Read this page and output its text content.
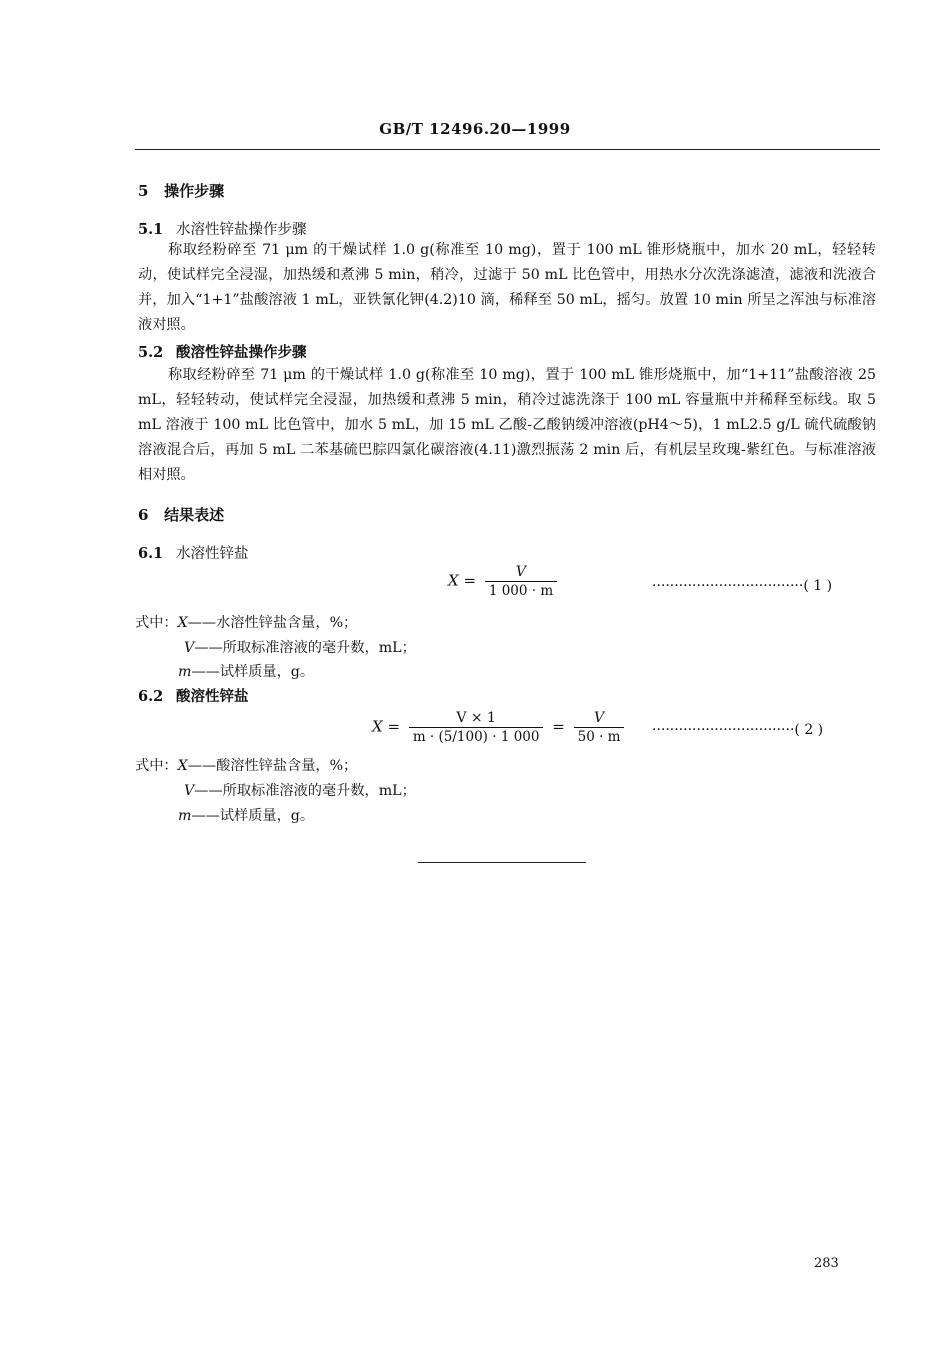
GB/T 12496.20—1999
5 操作步骤
5.1 水溶性锌盐操作步骤
称取经粉碎至 71 μm 的干燥试样 1.0 g(称准至 10 mg)，置于 100 mL 锥形烧瓶中，加水 20 mL，轻轻转动，使试样完全浸湿，加热缓和煮沸 5 min，稍冷，过滤于 50 mL 比色管中，用热水分次洗涤滤渣，滤液和洗液合并，加入“1+1”盐酸溶液 1 mL，亚铁氰化钾(4.2)10 滴，稀释至 50 mL，摇匀。放置 10 min 所呈之浑浊与标准溶液对照。
5.2 酸溶性锌盐操作步骤
称取经粉碎至 71 μm 的干燥试样 1.0 g(称准至 10 mg)，置于 100 mL 锥形烧瓶中，加“1+11”盐酸溶液 25 mL，轻轻转动，使试样完全浸湿，加热缓和煮沸 5 min，稍冷过滤洗涤于 100 mL 容量瓶中并稀释至标线。取 5 mL 溶液于 100 mL 比色管中，加水 5 mL，加 15 mL 乙酸-乙酸钠缓冲溶液(pH4～5)，1 mL2.5 g/L 硫代硫酸钠溶液混合后，再加 5 mL 二苯基硫巴腙四氯化碳溶液(4.11)激烈振荡 2 min 后，有机层呈玫瑰-紫红色。与标准溶液相对照。
6 结果表述
6.1 水溶性锌盐
$X = \frac{V}{1 000 \cdot m}$	··································( 1 )
式中：X——水溶性锌盐含量，%；
V——所取标准溶液的毫升数，mL；
m——试样质量，g。
6.2 酸溶性锌盐
$X = \frac{V \times 1}{m \cdot (5/100) \cdot 1 000} = \frac{V}{50 \cdot m}$ ································( 2 )
式中：X——酸溶性锌盐含量，%；
V——所取标准溶液的毫升数，mL；
m——试样质量，g。
283
